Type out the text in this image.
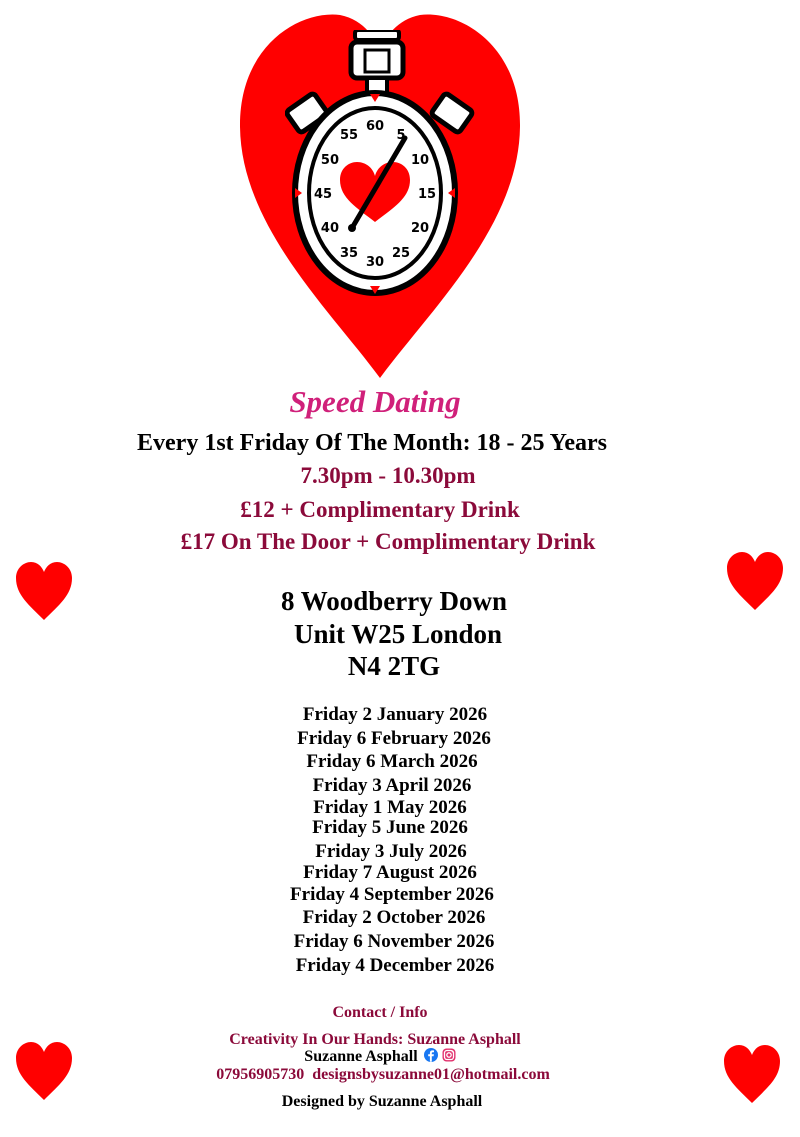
60
5
10
15
20
25
30
35
40
45
50
55
Speed Dating
Every 1st Friday Of The Month: 18 - 25 Years
7.30pm - 10.30pm
£12 + Complimentary Drink
£17 On The Door + Complimentary Drink
8 Woodberry Down
Unit W25 London
N4 2TG
Friday 2 January 2026
Friday 6 February 2026
Friday 6 March 2026
Friday 3 April 2026
Friday 1 May 2026
Friday 5 June 2026
Friday 3 July 2026
Friday 7 August 2026
Friday 4 September 2026
Friday 2 October 2026
Friday 6 November 2026
Friday 4 December 2026
Contact / Info
Creativity In Our Hands: Suzanne Asphall
Suzanne Asphall
07956905730 designsbysuzanne01@hotmail.com
Designed by Suzanne Asphall
